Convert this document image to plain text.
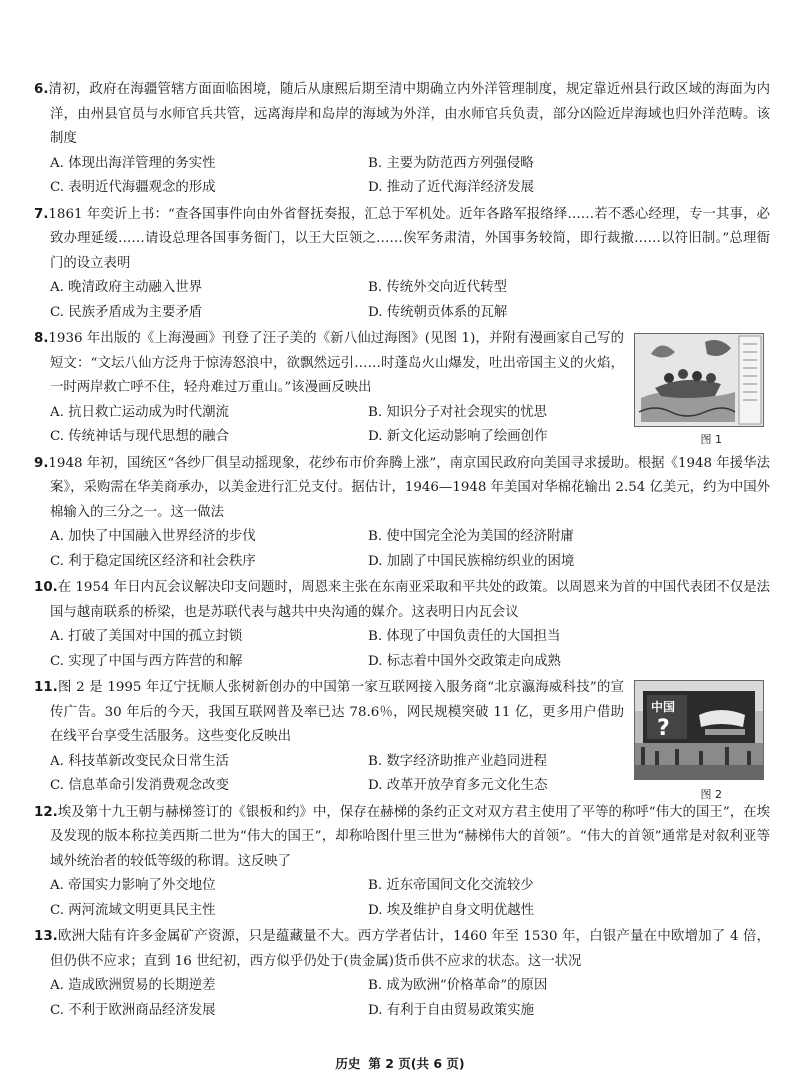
6.清初，政府在海疆管辖方面面临困境，随后从康熙后期至清中期确立内外洋管理制度，规定靠近州县行政区域的海面为内洋，由州县官员与水师官兵共管，远离海岸和岛岸的海域为外洋，由水师官兵负责，部分凶险近岸海域也归外洋范畴。该制度
A. 体现出海洋管理的务实性	B. 主要为防范西方列强侵略
C. 表明近代海疆观念的形成	D. 推动了近代海洋经济发展
7.1861 年奕䜣上书：“查各国事件向由外省督抚奏报，汇总于军机处。近年各路军报络绎……若不悉心经理，专一其事，必致办理延缓……请设总理各国事务衙门，以王大臣领之……俟军务肃清，外国事务较简，即行裁撤……以符旧制。”总理衙门的设立表明
A. 晚清政府主动融入世界	B. 传统外交向近代转型
C. 民族矛盾成为主要矛盾	D. 传统朝贡体系的瓦解
8.1936 年出版的《上海漫画》刊登了汪子美的《新八仙过海图》(见图 1)，并附有漫画家自己写的短文：“文坛八仙方泛舟于惊涛怒浪中，欲飘然远引……时蓬岛火山爆发，吐出帝国主义的火焰，一时两岸救亡呼不住，轻舟难过万重山。”该漫画反映出
A. 抗日救亡运动成为时代潮流	B. 知识分子对社会现实的忧思
C. 传统神话与现代思想的融合	D. 新文化运动影响了绘画创作	图 1
9.1948 年初，国统区“各纱厂俱呈动摇现象，花纱布市价奔腾上涨”，南京国民政府向美国寻求援助。根据《1948 年援华法案》，采购需在华美商承办，以美金进行汇兑支付。据估计，1946—1948 年美国对华棉花输出 2.54 亿美元，约为中国外棉输入的三分之一。这一做法
A. 加快了中国融入世界经济的步伐	B. 使中国完全沦为美国的经济附庸
C. 利于稳定国统区经济和社会秩序	D. 加剧了中国民族棉纺织业的困境
10.在 1954 年日内瓦会议解决印支问题时，周恩来主张在东南亚采取和平共处的政策。以周恩来为首的中国代表团不仅是法国与越南联系的桥梁，也是苏联代表与越共中央沟通的媒介。这表明日内瓦会议
A. 打破了美国对中国的孤立封锁	B. 体现了中国负责任的大国担当
C. 实现了中国与西方阵营的和解	D. 标志着中国外交政策走向成熟
11.图 2 是 1995 年辽宁抚顺人张树新创办的中国第一家互联网接入服务商“北京瀛海威科技”的宣传广告。30 年后的今天，我国互联网普及率已达 78.6％，网民规模突破 11 亿，更多用户借助在线平台享受生活服务。这些变化反映出
A. 科技革新改变民众日常生活	B. 数字经济助推产业趋同进程
C. 信息革命引发消费观念改变	D. 改革开放孕育多元文化生态
中国
?
图 2
12.埃及第十九王朝与赫梯签订的《银板和约》中，保存在赫梯的条约正文对双方君主使用了平等的称呼“伟大的国王”，在埃及发现的版本称拉美西斯二世为“伟大的国王”，却称哈图什里三世为“赫梯伟大的首领”。“伟大的首领”通常是对叙利亚等域外统治者的较低等级的称谓。这反映了
A. 帝国实力影响了外交地位	B. 近东帝国间文化交流较少
C. 两河流域文明更具民主性	D. 埃及维护自身文明优越性
13.欧洲大陆有许多金属矿产资源，只是蕴藏量不大。西方学者估计，1460 年至 1530 年，白银产量在中欧增加了 4 倍，但仍供不应求；直到 16 世纪初，西方似乎仍处于(贵金属)货币供不应求的状态。这一状况
A. 造成欧洲贸易的长期逆差	B. 成为欧洲“价格革命”的原因
C. 不利于欧洲商品经济发展	D. 有利于自由贸易政策实施
历史 第 2 页(共 6 页)
